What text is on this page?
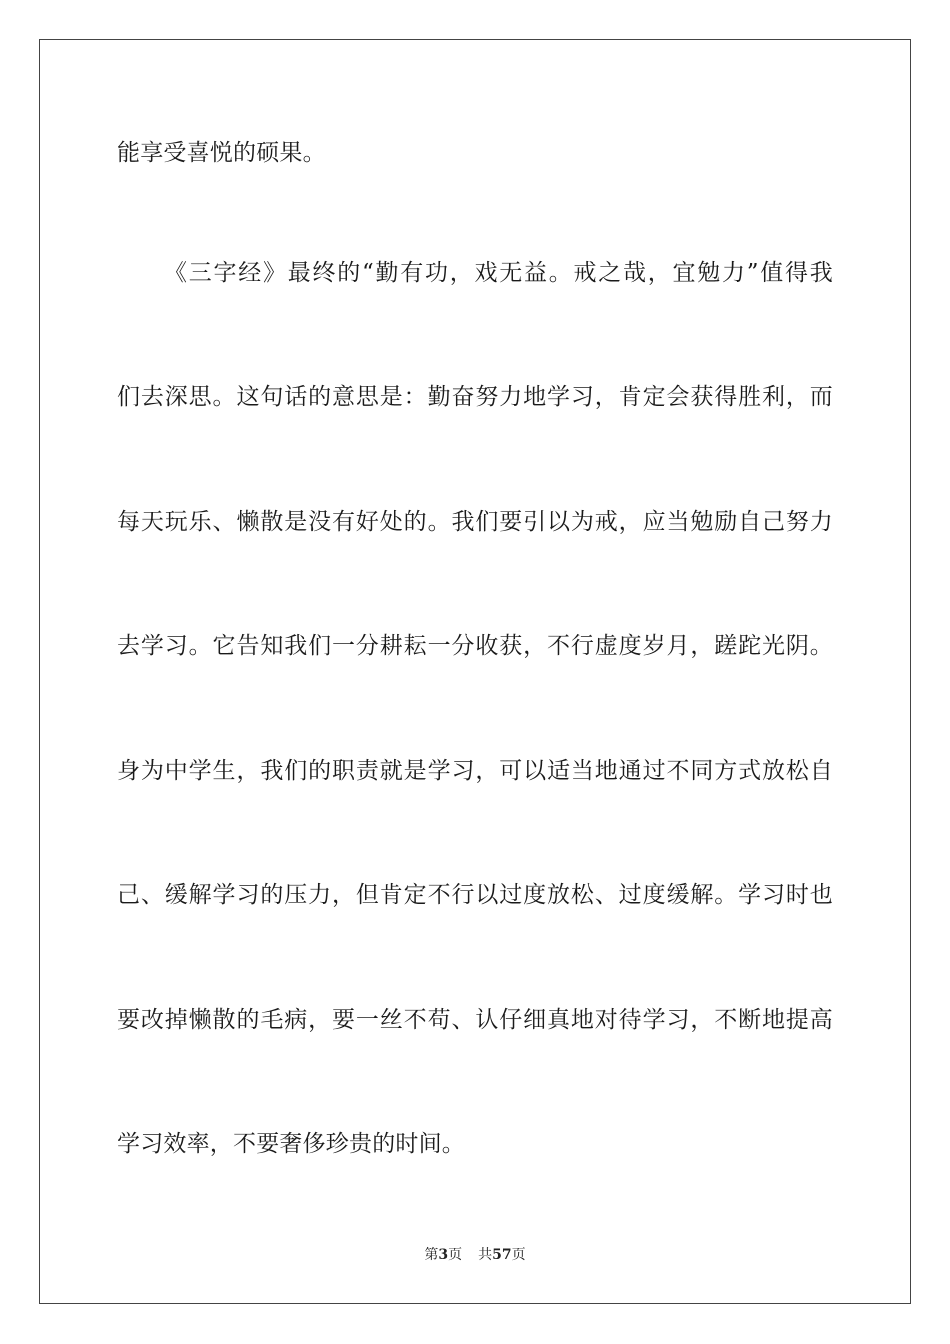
能享受喜悦的硕果。
《三字经》最终的“勤有功，戏无益。戒之哉，宜勉力”值得我
们去深思。这句话的意思是：勤奋努力地学习，肯定会获得胜利，而
每天玩乐、懒散是没有好处的。我们要引以为戒，应当勉励自己努力
去学习。它告知我们一分耕耘一分收获，不行虚度岁月，蹉跎光阴。
身为中学生，我们的职责就是学习，可以适当地通过不同方式放松自
己、缓解学习的压力，但肯定不行以过度放松、过度缓解。学习时也
要改掉懒散的毛病，要一丝不苟、认仔细真地对待学习，不断地提高
学习效率，不要奢侈珍贵的时间。
第3页 共57页
